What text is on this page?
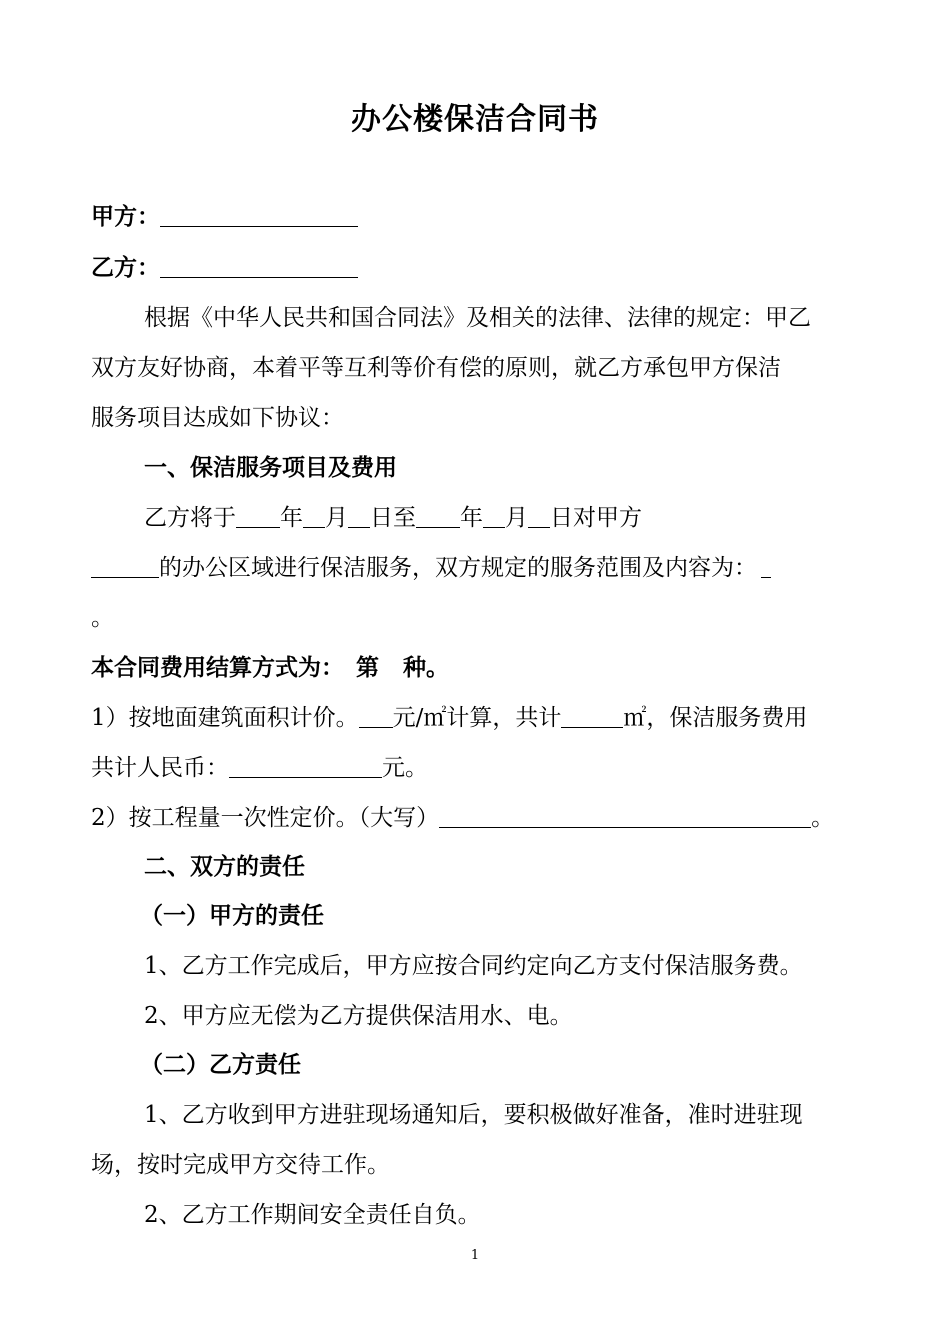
办公楼保洁合同书
甲方：
乙方：
根据《中华人民共和国合同法》及相关的法律、法律的规定：甲乙
双方友好协商，本着平等互利等价有偿的原则，就乙方承包甲方保洁
服务项目达成如下协议：
一、保洁服务项目及费用
乙方将于 年 月 日至 年 月 日对甲方
的办公区域进行保洁服务，双方规定的服务范围及内容为：
。
本合同费用结算方式为： 第 种。
1）按地面建筑面积计价。 元/㎡计算，共计	㎡，保洁服务费用
共计人民币：	元。
2）按工程量一次性定价。（大写）	。
二、双方的责任
（一）甲方的责任
1、乙方工作完成后，甲方应按合同约定向乙方支付保洁服务费。
2、甲方应无偿为乙方提供保洁用水、电。
（二）乙方责任
1、乙方收到甲方进驻现场通知后，要积极做好准备，准时进驻现
场，按时完成甲方交待工作。
2、乙方工作期间安全责任自负。
1
